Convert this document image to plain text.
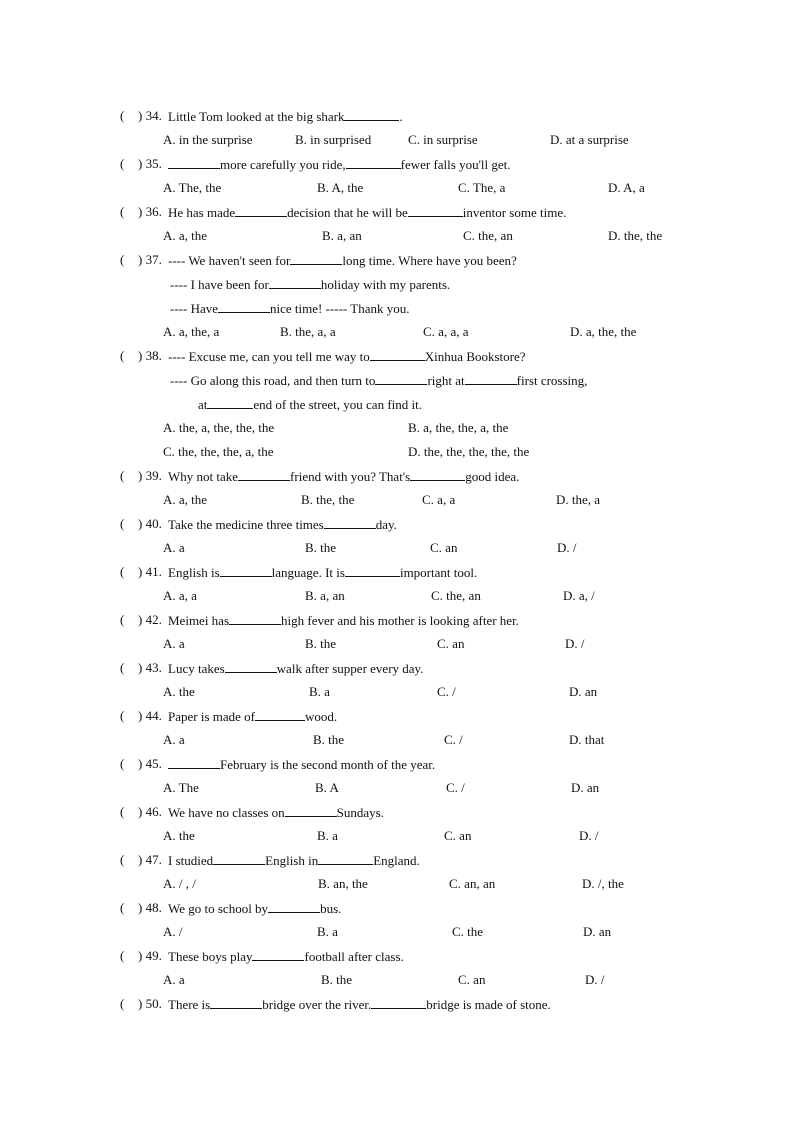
( ) 34. Little Tom looked at the big shark	.
A. in the surprise	B. in surprised	C. in surprise	D. at a surprise
( ) 35.	more carefully you ride,	fewer falls you'll get.
A. The, the	B. A, the	C. The, a	D. A, a
( ) 36. He has made	decision that he will be	inventor some time.
A. a, the	B. a, an	C. the, an	D. the, the
( ) 37. ---- We haven't seen for	long time. Where have you been?
---- I have been for	holiday with my parents.
---- Have	nice time! ----- Thank you.
A. a, the, a	B. the, a, a	C. a, a, a	D. a, the, the
( ) 38. ---- Excuse me, can you tell me way to	Xinhua Bookstore?
---- Go along this road, and then turn to	right at	first crossing,
at	end of the street, you can find it.
A. the, a, the, the, the	B. a, the, the, a, the
C. the, the, the, a, the	D. the, the, the, the, the
( ) 39. Why not take	friend with you? That's	good idea.
A. a, the	B. the, the	C. a, a	D. the, a
( ) 40. Take the medicine three times	day.
A. a	B. the	C. an	D. /
( ) 41. English is	language. It is	important tool.
A. a, a	B. a, an	C. the, an	D. a, /
( ) 42. Meimei has	high fever and his mother is looking after her.
A. a	B. the	C. an	D. /
( ) 43. Lucy takes	walk after supper every day.
A. the	B. a	C. /	D. an
( ) 44. Paper is made of	wood.
A. a	B. the	C. /	D. that
( ) 45.	February is the second month of the year.
A. The	B. A	C. /	D. an
( ) 46. We have no classes on	Sundays.
A. the	B. a	C. an	D. /
( ) 47. I studied	English in	England.
A. / , /	B. an, the	C. an, an	D. /, the
( ) 48. We go to school by	bus.
A. /	B. a	C. the	D. an
( ) 49. These boys play	football after class.
A. a	B. the	C. an	D. /
( ) 50. There is	bridge over the river.	bridge is made of stone.
